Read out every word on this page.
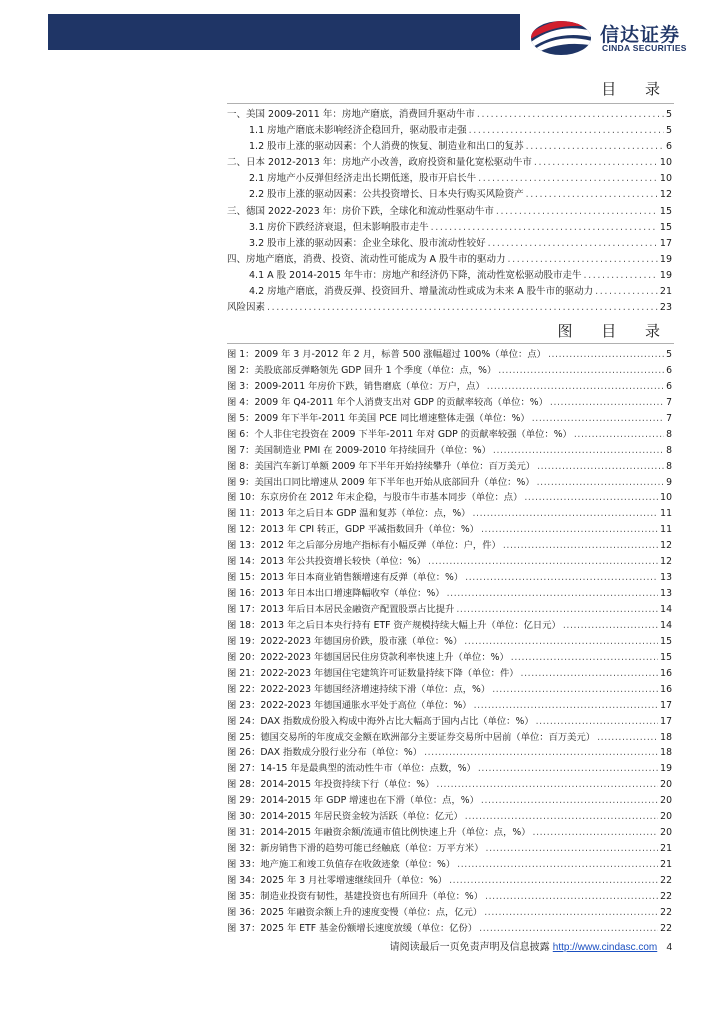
信达证券
CINDA SECURITIES
目 录
一、美国 2009-2011 年：房地产磨底，消费回升驱动牛市 .....	5
1.1 房地产磨底未影响经济企稳回升，驱动股市走强 .....	5
1.2 股市上涨的驱动因素：个人消费的恢复、制造业和出口的复苏 .....	6
二、日本 2012-2013 年：房地产小改善，政府投资和量化宽松驱动牛市 .....	10
2.1 房地产小反弹但经济走出长期低迷，股市开启长牛 .....	10
2.2 股市上涨的驱动因素：公共投资增长、日本央行购买风险资产 .....	12
三、德国 2022-2023 年：房价下跌，全球化和流动性驱动牛市 .....	15
3.1 房价下跌经济衰退，但未影响股市走牛 .....	15
3.2 股市上涨的驱动因素：企业全球化、股市流动性较好 .....	17
四、房地产磨底，消费、投资、流动性可能成为 A 股牛市的驱动力 .....	19
4.1 A 股 2014-2015 年牛市：房地产和经济仍下降，流动性宽松驱动股市走牛 .....	19
4.2 房地产磨底，消费反弹、投资回升、增量流动性或成为未来 A 股牛市的驱动力 .....	21
风险因素 .....	23
图 目 录
图 1：2009 年 3 月-2012 年 2 月，标普 500 涨幅超过 100%（单位：点） .....	5
图 2：美股底部反弹略领先 GDP 回升 1 个季度（单位：点，%） .....	6
图 3：2009-2011 年房价下跌，销售磨底（单位：万户，点） .....	6
图 4：2009 年 Q4-2011 年个人消费支出对 GDP 的贡献率较高（单位：%） .....	7
图 5：2009 年下半年-2011 年美国 PCE 同比增速整体走强（单位：%） .....	7
图 6：个人非住宅投资在 2009 下半年-2011 年对 GDP 的贡献率较强（单位：%） .....	8
图 7：美国制造业 PMI 在 2009-2010 年持续回升（单位：%） .....	8
图 8：美国汽车新订单额 2009 年下半年开始持续攀升（单位：百万美元） .....	8
图 9：美国出口同比增速从 2009 年下半年也开始从底部回升（单位：%） .....	9
图 10：东京房价在 2012 年末企稳，与股市牛市基本同步（单位：点） .....	10
图 11：2013 年之后日本 GDP 温和复苏（单位：点，%） .....	11
图 12：2013 年 CPI 转正，GDP 平减指数回升（单位：%） .....	11
图 13：2012 年之后部分房地产指标有小幅反弹（单位：户，件） .....	12
图 14：2013 年公共投资增长较快（单位：%） .....	12
图 15：2013 年日本商业销售额增速有反弹（单位：%） .....	13
图 16：2013 年日本出口增速降幅收窄（单位：%） .....	13
图 17：2013 年后日本居民金融资产配置股票占比提升 .....	14
图 18：2013 年之后日本央行持有 ETF 资产规模持续大幅上升（单位：亿日元） .....	14
图 19：2022-2023 年德国房价跌，股市涨（单位：%） .....	15
图 20：2022-2023 年德国居民住房贷款利率快速上升（单位：%） .....	15
图 21：2022-2023 年德国住宅建筑许可证数量持续下降（单位：件） .....	16
图 22：2022-2023 年德国经济增速持续下滑（单位：点，%） .....	16
图 23：2022-2023 年德国通胀水平处于高位（单位：%） .....	17
图 24：DAX 指数成份股入构成中海外占比大幅高于国内占比（单位：%） .....	17
图 25：德国交易所的年度成交金额在欧洲部分主要证券交易所中居前（单位：百万美元） .....	18
图 26：DAX 指数成分股行业分布（单位：%） .....	18
图 27：14-15 年是最典型的流动性牛市（单位：点数，%） .....	19
图 28：2014-2015 年投资持续下行（单位：%） .....	20
图 29：2014-2015 年 GDP 增速也在下滑（单位：点，%） .....	20
图 30：2014-2015 年居民资金较为活跃（单位：亿元） .....	20
图 31：2014-2015 年融资余额/流通市值比例快速上升（单位：点，%） .....	20
图 32：新房销售下滑的趋势可能已经触底（单位：万平方米） .....	21
图 33：地产施工和竣工负值存在收敛迹象（单位：%） .....	21
图 34：2025 年 3 月社零增速继续回升（单位：%） .....	22
图 35：制造业投资有韧性，基建投资也有所回升（单位：%） .....	22
图 36：2025 年融资余额上升的速度变慢（单位：点，亿元） .....	22
图 37：2025 年 ETF 基金份额增长速度放缓（单位：亿份） .....	22
请阅读最后一页免责声明及信息披露 http://www.cindasc.com 4
